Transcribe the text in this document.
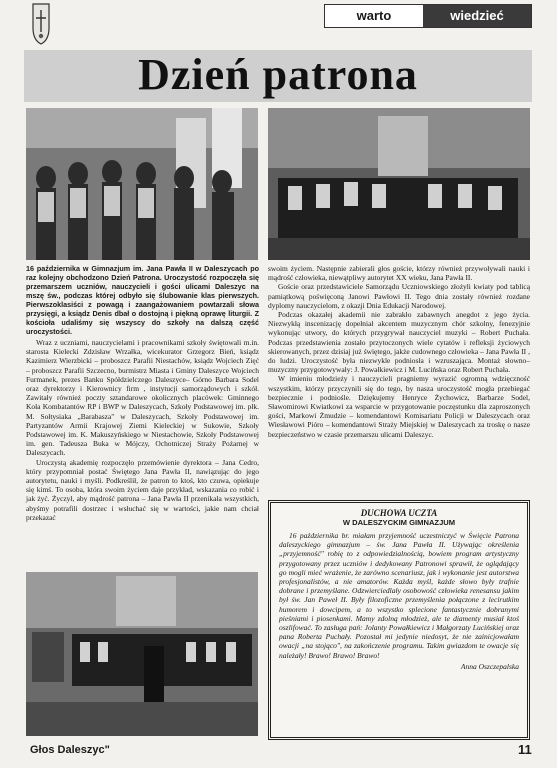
warto	wiedzieć
Dzień patrona

16 października w Gimnazjum im. Jana Pawła II w Daleszycach po raz kolejny obchodzono Dzień Patrona. Uroczystość rozpoczęła się przemarszem uczniów, nauczycieli i gości ulicami Daleszyc na mszę św., podczas której odbyło się ślubowanie klas pierwszych. Pierwszoklasiści z powagą i zaangażowaniem powtarzali słowa przysięgi, a ksiądz Denis dbał o dostojną i piękną oprawę liturgii. Z kościoła udaliśmy się wszyscy do szkoły na dalszą część uroczystości.

Wraz z uczniami, nauczycielami i pracownikami szkoły świętowali m.in. starosta Kielecki Zdzisław Wrzałka, wicekurator Grzegorz Bień, ksiądz Kazimierz Wierzbicki – proboszcz Parafii Niestachów, ksiądz Wojciech Zięć – proboszcz Parafii Szczecno, burmistrz Miasta i Gminy Daleszyce Wojciech Furmanek, prezes Banku Spółdzielczego Daleszyce– Górno Barbara Sodel oraz dyrektorzy i Kierownicy firm , instytucji samorządowych i szkół. Zawitały również poczty sztandarowe okolicznych placówek: Gminnego Koła Kombatantów RP i BWP w Daleszycach, Szkoły Podstawowej im. płk. M. Sołtysiaka „Barabasza" w Daleszycach, Szkoły Podstawowej im. Partyzantów Armii Krajowej Ziemi Kieleckiej w Sukowie, Szkoły Podstawowej im. K. Makuszyńskiego w Niestachowie, Szkoły Podstawowej im. gen. Tadeusza Buka w Mójczy, Ochotniczej Straży Pożarnej w Daleszycach.

Uroczystą akademię rozpoczęło przemówienie dyrektora – Jana Cedro, który przypomniał postać Świętego Jana Pawła II, nawiązując do jego autorytetu, nauki i myśli. Podkreślił, że patron to ktoś, kto czuwa, opiekuje się kimś. To osoba, która swoim życiem daje przykład, wskazania co robić i jak żyć. Życzył, aby mądrość patrona – Jana Pawła II przenikała wszystkich, abyśmy potrafili dostrzec i wsłuchać się w wartości, jakie nam chciał przekazać

swoim życiem. Następnie zabierali głos goście, którzy również przywoływali nauki i mądrość człowieka, niewątpliwy autorytet XX wieku, Jana Pawła II.

Goście oraz przedstawiciele Samorządu Uczniowskiego złożyli kwiaty pod tablicą pamiątkową poświęconą Janowi Pawłowi II. Tego dnia zostały również rozdane dyplomy nauczycielom, z okazji Dnia Edukacji Narodowej.

Podczas okazałej akademii nie zabrakło zabawnych anegdot z jego życia. Niezwykłą inscenizację dopełniał akcentem muzycznym chór szkolny, fenezyjnie wykonując utwory, do których przygrywał nauczyciel muzyki – Robert Puchała. Podczas przedstawienia zostało przytoczonych wiele cytatów i refleksji życiowych skierowanych, przez dzisiaj już świętego, jakże cudownego człowieka – Jana Pawła II , do ludzi. Uroczystość była niezwykle podniosła i wzruszająca. Montaż słowno– muzyczny przygotowywały: J. Powałkiewicz i M. Lucińska oraz Robert Puchała.

W imieniu młodzieży i nauczycieli pragniemy wyrazić ogromną wdzięczność wszystkim, którzy przyczynili się do tego, by nasza uroczystość mogła przebiegać bezpiecznie i podniośle. Dziękujemy Henryce Żychowicz, Barbarze Sodel, Sławomirowi Kwiatkowi za wsparcie w przygotowanie poczęstunku dla zaproszonych gości, Markowi Żmudzie – komendantowi Komisariatu Policji w Daleszycach oraz Wiesławowi Pióro – komendantowi Straży Miejskiej w Daleszycach za troskę o nasze bezpieczeństwo w czasie przemarszu ulicami Daleszyc.

DUCHOWA UCZTA
W DALESZYCKIM GIMNAZJUM

16 października br. miałam przyjemność uczestniczyć w Święcie Patrona daleszyckiego gimnazjum – św. Jana Pawła II. Używając określenia „przyjemność" robię to z odpowiedzialnością, bowiem program artystyczny przygotowany przez uczniów i dedykowany Patronowi sprawił, że oglądający go mogli mieć wrażenie, że zarówno scenariusz, jak i wykonanie jest autorstwa profesjonalistów, a nie amatorów. Każda myśl, każde słowo były trafnie dobrane i przemyślane. Odzwierciedlały osobowość człowieka renesansu jakim był św. Jan Paweł II. Były filozoficzne przemyślenia połączone z lecirutkim humorem i dowcipem, a to wszystko splecione fantastycznie dobranymi pieśniami i piosenkami. Mamy zdolną młodzież, ale te diamenty musiał ktoś oszlifować. To zasługa pań: Jolanty Powałkiewicz i Małgorzaty Lucińskiej oraz pana Roberta Puchały. Pozostał mi jedynie niedosyt, że nie zainicjowałam owacji „na stojąco", na zakończenie programu. Takim gwiazdom te owacje się należały! Brawo! Brawo! Brawo!

Anna Oszczepalska
Głos Daleszyc"	11
